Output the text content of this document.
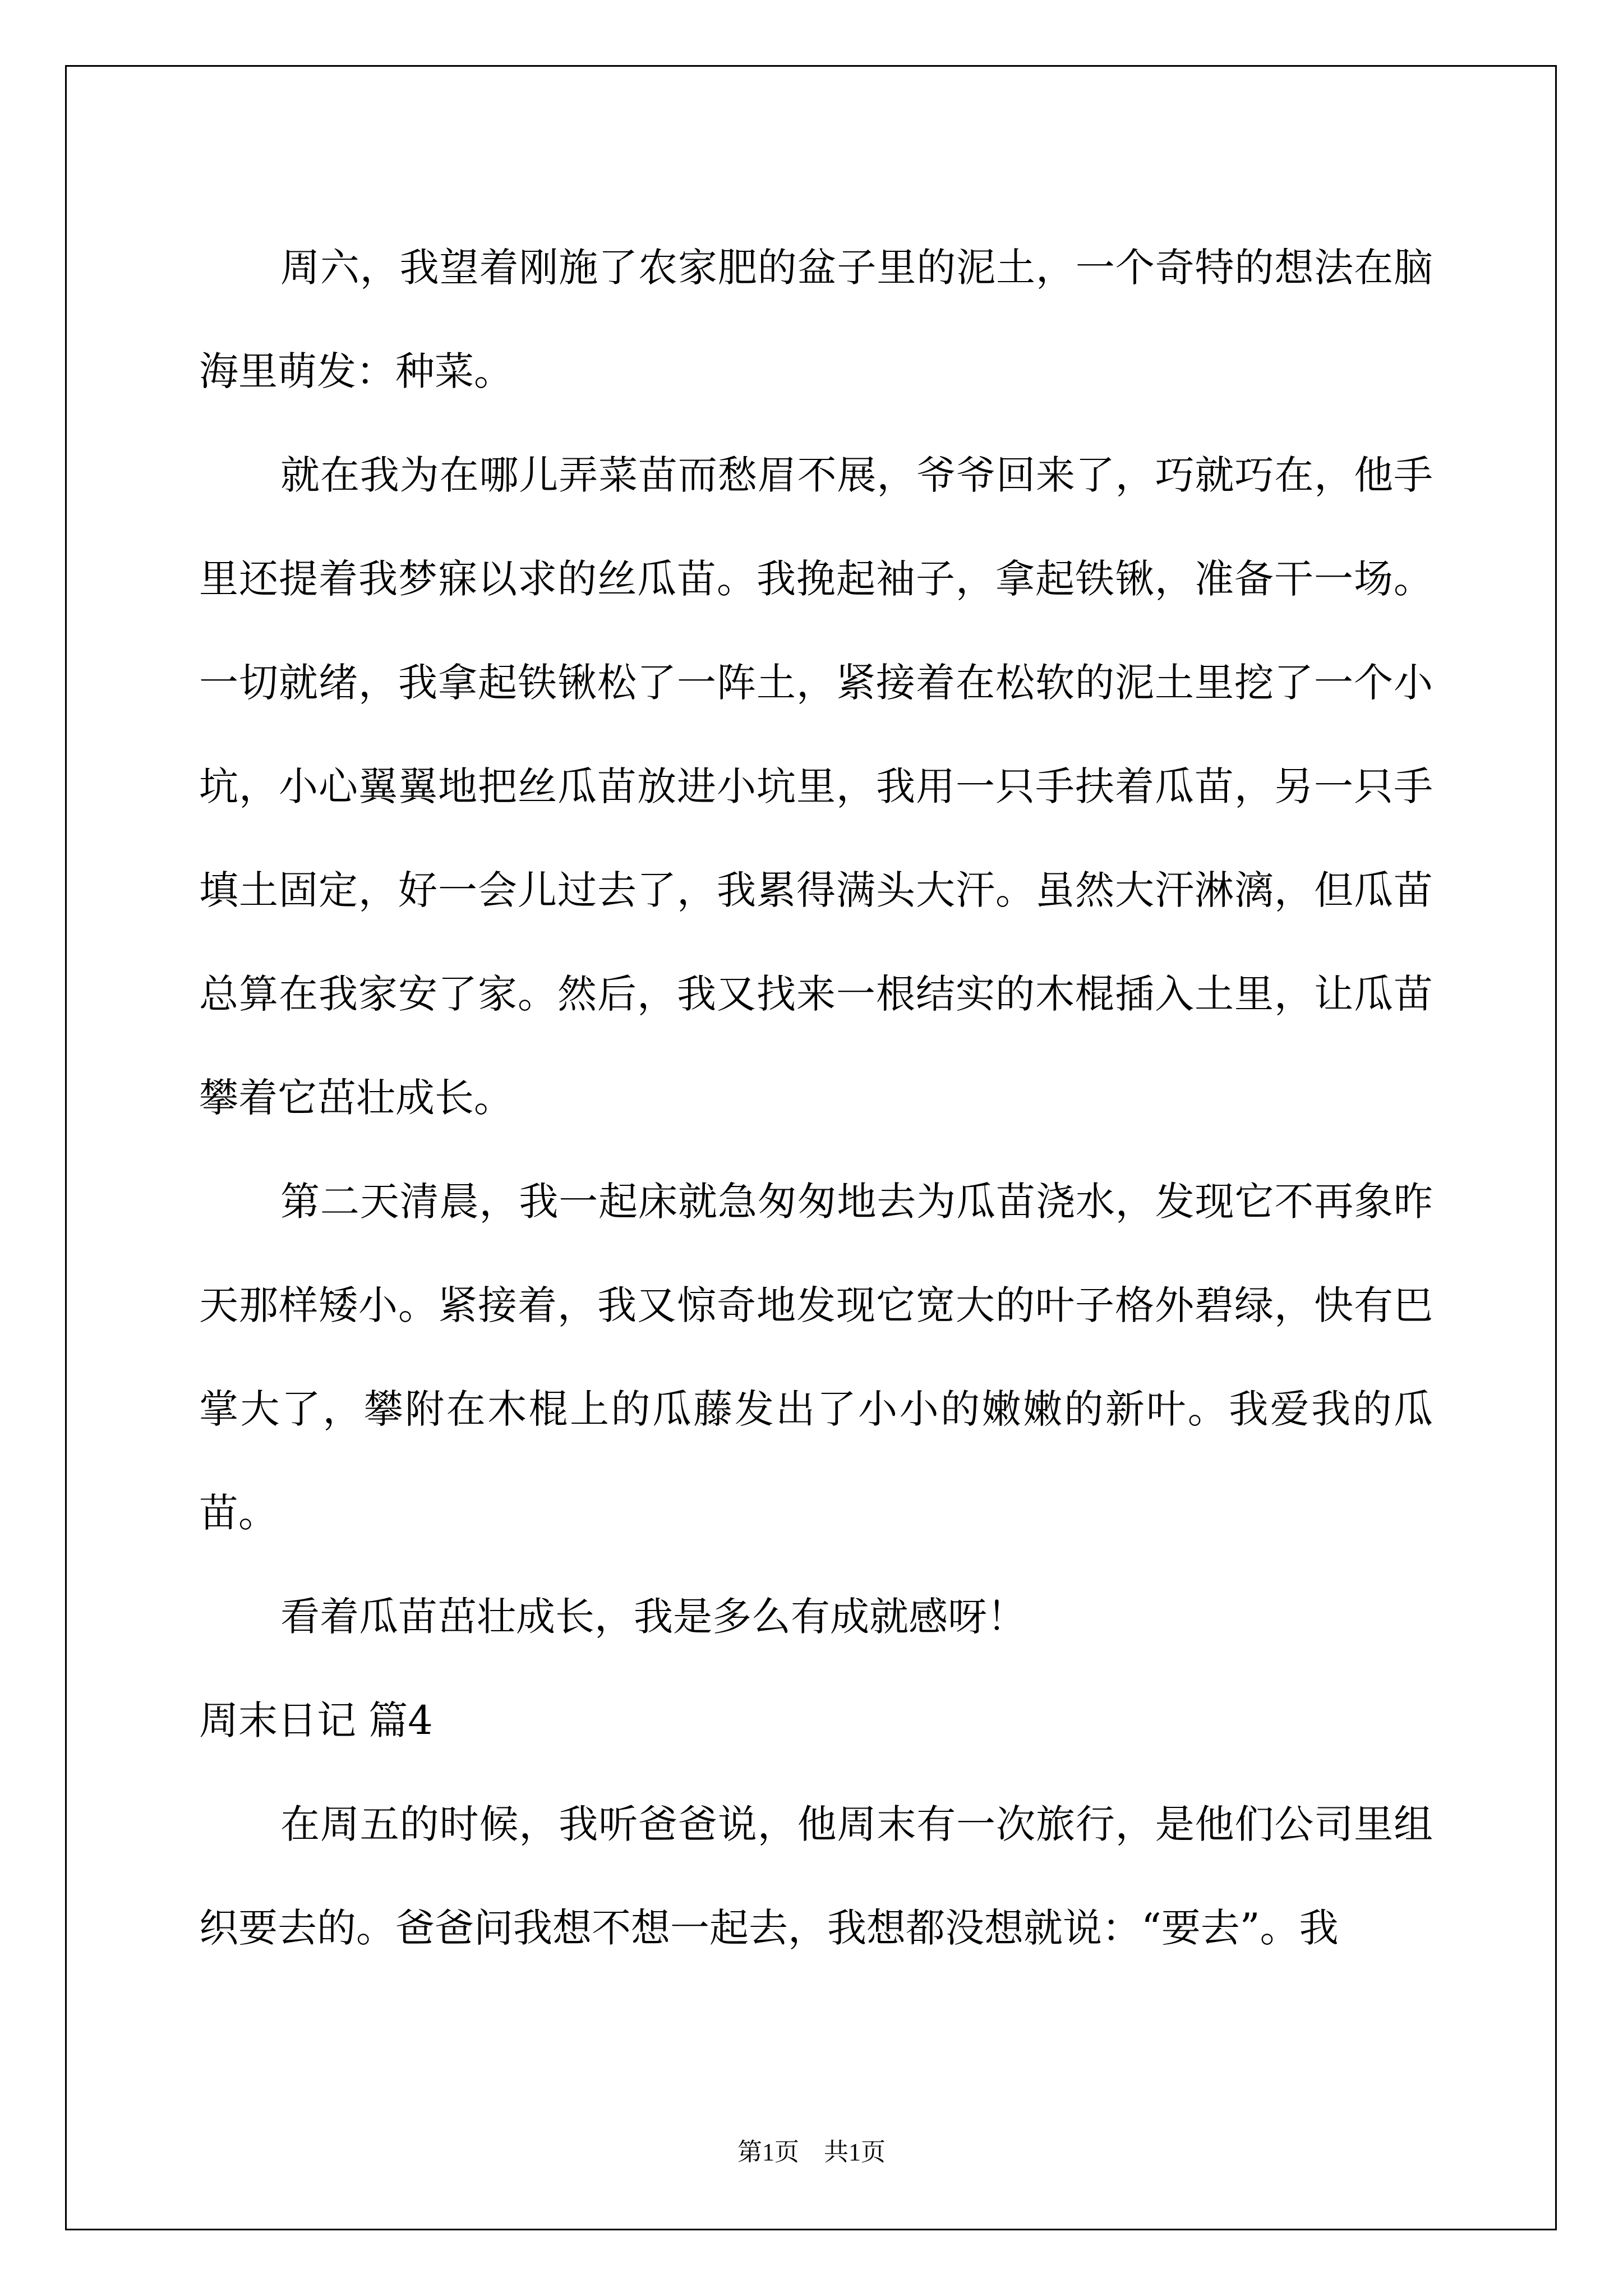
周六，我望着刚施了农家肥的盆子里的泥土，一个奇特的想法在脑海里萌发：种菜。

就在我为在哪儿弄菜苗而愁眉不展，爷爷回来了，巧就巧在，他手里还提着我梦寐以求的丝瓜苗。我挽起袖子，拿起铁锹，准备干一场。一切就绪，我拿起铁锹松了一阵土，紧接着在松软的泥土里挖了一个小坑，小心翼翼地把丝瓜苗放进小坑里，我用一只手扶着瓜苗，另一只手填土固定，好一会儿过去了，我累得满头大汗。虽然大汗淋漓，但瓜苗总算在我家安了家。然后，我又找来一根结实的木棍插入土里，让瓜苗攀着它茁壮成长。

第二天清晨，我一起床就急匆匆地去为瓜苗浇水，发现它不再象昨天那样矮小。紧接着，我又惊奇地发现它宽大的叶子格外碧绿，快有巴掌大了，攀附在木棍上的瓜藤发出了小小的嫩嫩的新叶。我爱我的瓜苗。

看着瓜苗茁壮成长，我是多么有成就感呀！

周末日记 篇4

在周五的时候，我听爸爸说，他周末有一次旅行，是他们公司里组织要去的。爸爸问我想不想一起去，我想都没想就说：“要去”。我

第1页　共1页
